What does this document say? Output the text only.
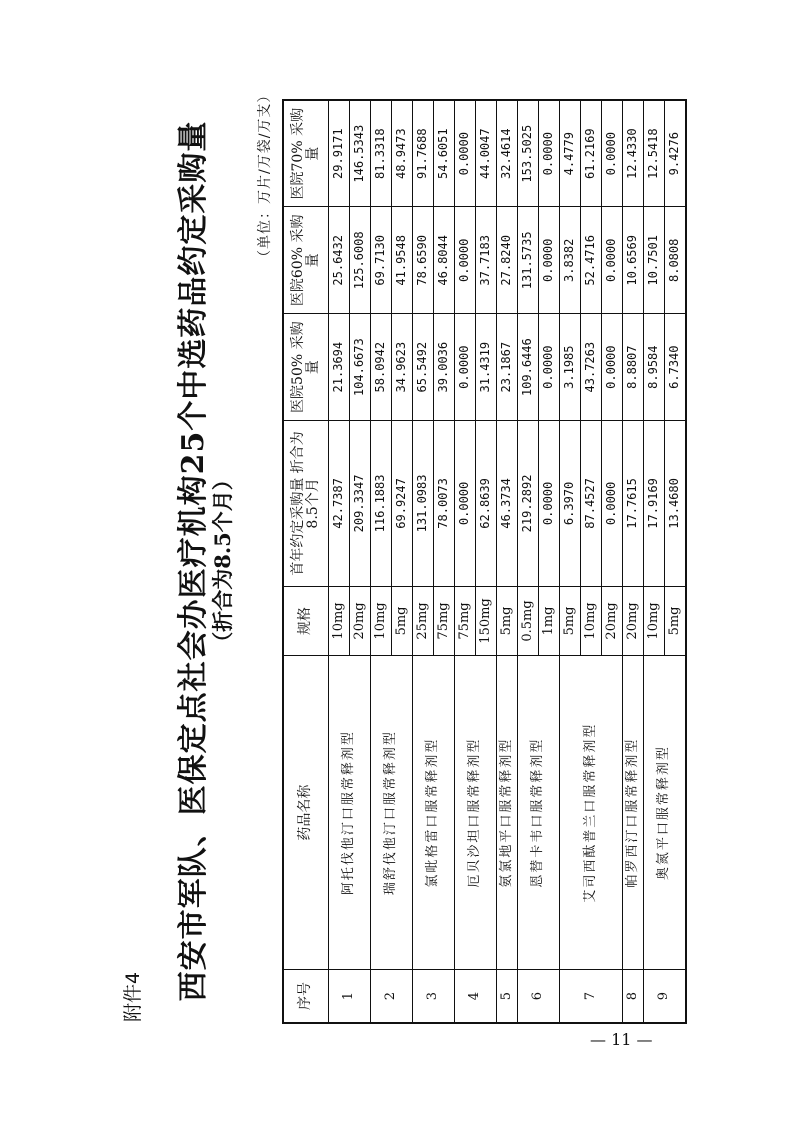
附件4 西安市军队、医保定点社会办医疗机构25个中选药品约定采购量 （折合为8.5个月）
（单位：万片/万袋/万支）
序号	药品名称	规格	首年约定采购量 折合为8.5个月	医院50% 采购量	医院60% 采购量	医院70% 采购量
1	阿托伐他汀口服常释剂型	10mg	42.7387	21.3694	25.6432	29.9171
		20mg	209.3347	104.6673	125.6008	146.5343
2	瑞舒伐他汀口服常释剂型	10mg	116.1883	58.0942	69.7130	81.3318
		5mg	69.9247	34.9623	41.9548	48.9473
3	氯吡格雷口服常释剂型	25mg	131.0983	65.5492	78.6590	91.7688
		75mg	78.0073	39.0036	46.8044	54.6051
4	厄贝沙坦口服常释剂型	75mg	0.0000	0.0000	0.0000	0.0000
		150mg	62.8639	31.4319	37.7183	44.0047
5	氨氯地平口服常释剂型	5mg	46.3734	23.1867	27.8240	32.4614
6	恩替卡韦口服常释剂型	0.5mg	219.2892	109.6446	131.5735	153.5025
		1mg	0.0000	0.0000	0.0000	0.0000
7	艾司西酞普兰口服常释剂型	5mg	6.3970	3.1985	3.8382	4.4779
		10mg	87.4527	43.7263	52.4716	61.2169
		20mg	0.0000	0.0000	0.0000	0.0000
8	帕罗西汀口服常释剂型	20mg	17.7615	8.8807	10.6569	12.4330
9	奥氮平口服常释剂型	10mg	17.9169	8.9584	10.7501	12.5418
		5mg	13.4680	6.7340	8.0808	9.4276
— 11 —
